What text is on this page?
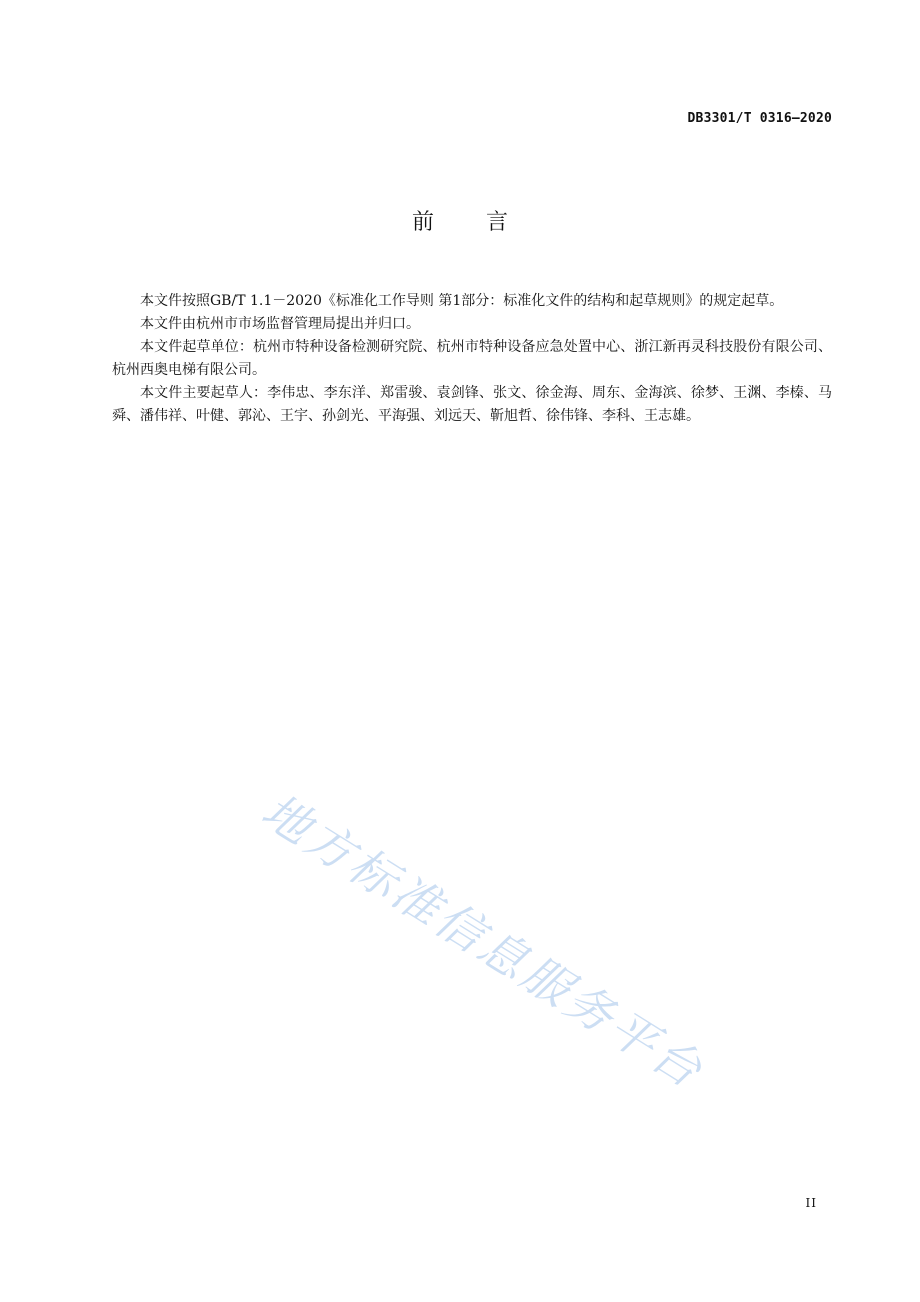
DB3301/T 0316—2020
前言

本文件按照GB/T 1.1－2020《标准化工作导则 第1部分：标准化文件的结构和起草规则》的规定起草。

本文件由杭州市市场监督管理局提出并归口。

本文件起草单位：杭州市特种设备检测研究院、杭州市特种设备应急处置中心、浙江新再灵科技股份有限公司、杭州西奥电梯有限公司。

本文件主要起草人：李伟忠、李东洋、郑雷骏、袁剑锋、张文、徐金海、周东、金海滨、徐梦、王渊、李榛、马舜、潘伟祥、叶健、郭沁、王宇、孙剑光、平海强、刘远天、靳旭哲、徐伟锋、李科、王志雄。

地方标准信息服务平台
II
